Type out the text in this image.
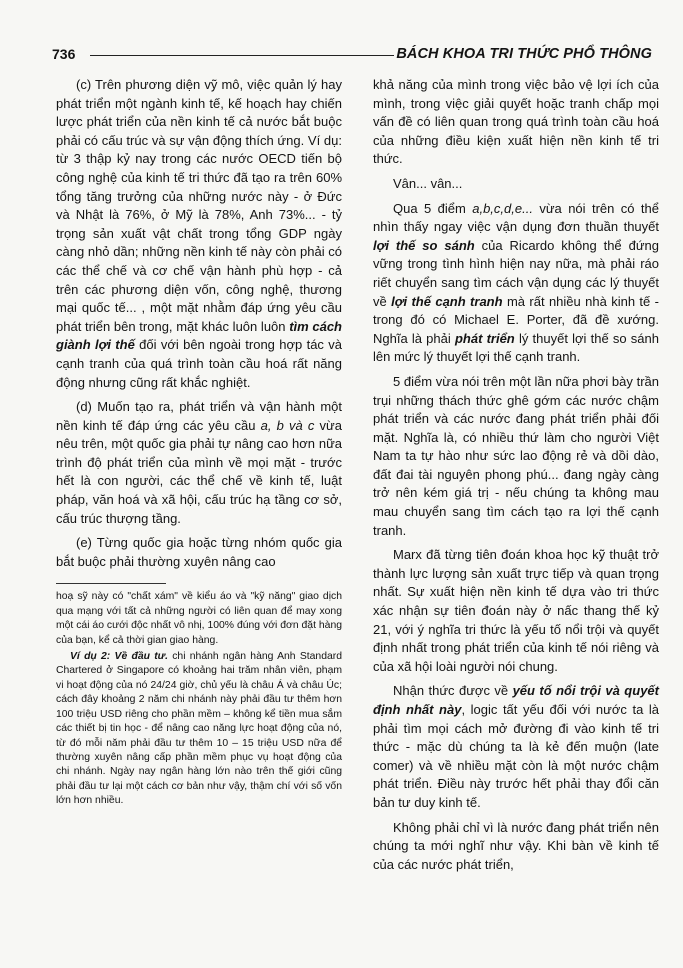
736	BÁCH KHOA TRI THỨC PHỔ THÔNG

(c) Trên phương diện vỹ mô, việc quản lý hay phát triển một ngành kinh tế, kế hoạch hay chiến lược phát triển của nền kinh tế cả nước bắt buộc phải có cấu trúc và sự vận động thích ứng. Ví dụ: từ 3 thập kỷ nay trong các nước OECD tiến bộ công nghệ của kinh tế tri thức đã tạo ra trên 60% tổng tăng trưởng của những nước này - ở Đức và Nhật là 76%, ở Mỹ là 78%, Anh 73%... - tỷ trọng sản xuất vật chất trong tổng GDP ngày càng nhỏ dần; những nền kinh tế này còn phải có các thể chế và cơ chế vận hành phù hợp - cả trên các phương diện vốn, công nghệ, thương mại quốc tế... , một mặt nhằm đáp ứng yêu cầu phát triển bên trong, mặt khác luôn luôn tìm cách giành lợi thế đối với bên ngoài trong hợp tác và cạnh tranh của quá trình toàn cầu hoá rất năng động nhưng cũng rất khắc nghiệt.

(d) Muốn tạo ra, phát triển và vận hành một nền kinh tế đáp ứng các yêu cầu a, b và c vừa nêu trên, một quốc gia phải tự nâng cao hơn nữa trình độ phát triển của mình về mọi mặt - trước hết là con người, các thể chế về kinh tế, luật pháp, văn hoá và xã hội, cấu trúc hạ tầng cơ sở, cấu trúc thượng tầng.

(e) Từng quốc gia hoặc từng nhóm quốc gia bắt buộc phải thường xuyên nâng cao

hoạ sỹ này có "chất xám" về kiểu áo và "kỹ năng" giao dịch qua mạng với tất cả những người có liên quan để may xong một cái áo cưới độc nhất vô nhị, 100% đúng với đơn đặt hàng của bạn, kể cả thời gian giao hàng.

Ví dụ 2: Về đầu tư. chi nhánh ngân hàng Anh Standard Chartered ở Singapore có khoảng hai trăm nhân viên, phạm vi hoạt động của nó 24/24 giờ, chủ yếu là châu Á và châu Úc; cách đây khoảng 2 năm chi nhánh này phải đầu tư thêm hơn 100 triệu USD riêng cho phần mềm – không kể tiền mua sắm các thiết bị tin học - để nâng cao năng lực hoạt động của nó, từ đó mỗi năm phải đầu tư thêm 10 – 15 triệu USD nữa để thường xuyên nâng cấp phần mềm phục vụ hoạt động của chi nhánh. Ngày nay ngân hàng lớn nào trên thế giới cũng phải đầu tư lại một cách cơ bản như vậy, thậm chí với số vốn lớn hơn nhiều.

khả năng của mình trong việc bảo vệ lợi ích của mình, trong việc giải quyết hoặc tranh chấp mọi vấn đề có liên quan trong quá trình toàn cầu hoá của những điều kiện xuất hiện nền kinh tế tri thức.

Vân... vân...

Qua 5 điểm a,b,c,d,e... vừa nói trên có thể nhìn thấy ngay việc vận dụng đơn thuần thuyết lợi thế so sánh của Ricardo không thể đứng vững trong tình hình hiện nay nữa, mà phải ráo riết chuyển sang tìm cách vận dụng các lý thuyết về lợi thế cạnh tranh mà rất nhiều nhà kinh tế - trong đó có Michael E. Porter, đã đề xướng. Nghĩa là phải phát triển lý thuyết lợi thế so sánh lên mức lý thuyết lợi thế cạnh tranh.

5 điểm vừa nói trên một lần nữa phơi bày trần trụi những thách thức ghê gớm các nước chậm phát triển và các nước đang phát triển phải đối mặt. Nghĩa là, có nhiều thứ làm cho người Việt Nam ta tự hào như sức lao động rẻ và dồi dào, đất đai tài nguyên phong phú... đang ngày càng trở nên kém giá trị - nếu chúng ta không mau mau chuyển sang tìm cách tạo ra lợi thế cạnh tranh.

Marx đã từng tiên đoán khoa học kỹ thuật trở thành lực lượng sản xuất trực tiếp và quan trọng nhất. Sự xuất hiện nền kinh tế dựa vào tri thức xác nhận sự tiên đoán này ở nấc thang thế kỷ 21, với ý nghĩa tri thức là yếu tố nổi trội và quyết định nhất trong phát triển của kinh tế nói riêng và của xã hội loài người nói chung.

Nhận thức được về yếu tố nổi trội và quyết định nhất này, logic tất yếu đối với nước ta là phải tìm mọi cách mở đường đi vào kinh tế tri thức - mặc dù chúng ta là kẻ đến muộn (late comer) và về nhiều mặt còn là một nước chậm phát triển. Điều này trước hết phải thay đổi căn bản tư duy kinh tế.

Không phải chỉ vì là nước đang phát triển nên chúng ta mới nghĩ như vậy. Khi bàn về kinh tế của các nước phát triển,
